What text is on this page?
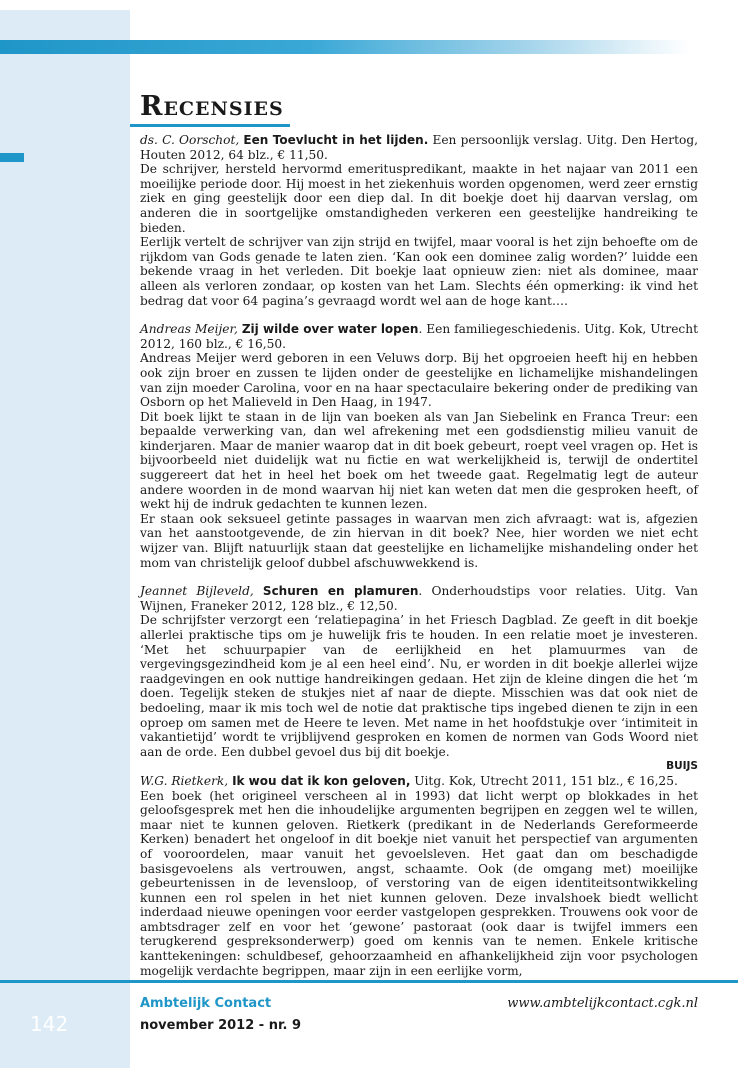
Recensies

ds. C. Oorschot, Een Toevlucht in het lijden. Een persoonlijk verslag. Uitg. Den Hertog, Houten 2012, 64 blz., € 11,50.

De schrijver, hersteld hervormd emerituspredikant, maakte in het najaar van 2011 een moeilijke periode door. Hij moest in het ziekenhuis worden opgenomen, werd zeer ernstig ziek en ging geestelijk door een diep dal. In dit boekje doet hij daarvan verslag, om anderen die in soortgelijke omstandigheden verkeren een geestelijke handreiking te bieden.

Eerlijk vertelt de schrijver van zijn strijd en twijfel, maar vooral is het zijn behoefte om de rijkdom van Gods genade te laten zien. ‘Kan ook een dominee zalig worden?’ luidde een bekende vraag in het verleden. Dit boekje laat opnieuw zien: niet als dominee, maar alleen als verloren zondaar, op kosten van het Lam. Slechts één opmerking: ik vind het bedrag dat voor 64 pagina’s gevraagd wordt wel aan de hoge kant….

Andreas Meijer, Zij wilde over water lopen. Een familiegeschiedenis. Uitg. Kok, Utrecht 2012, 160 blz., € 16,50.

Andreas Meijer werd geboren in een Veluws dorp. Bij het opgroeien heeft hij en hebben ook zijn broer en zussen te lijden onder de geestelijke en lichamelijke mishandelingen van zijn moeder Carolina, voor en na haar spectaculaire bekering onder de prediking van Osborn op het Malieveld in Den Haag, in 1947.

Dit boek lijkt te staan in de lijn van boeken als van Jan Siebelink en Franca Treur: een bepaalde verwerking van, dan wel afrekening met een godsdienstig milieu vanuit de kinderjaren. Maar de manier waarop dat in dit boek gebeurt, roept veel vragen op. Het is bijvoorbeeld niet duidelijk wat nu fictie en wat werkelijkheid is, terwijl de ondertitel suggereert dat het in heel het boek om het tweede gaat. Regelmatig legt de auteur andere woorden in de mond waarvan hij niet kan weten dat men die gesproken heeft, of wekt hij de indruk gedachten te kunnen lezen.

Er staan ook seksueel getinte passages in waarvan men zich afvraagt: wat is, afgezien van het aanstootgevende, de zin hiervan in dit boek? Nee, hier worden we niet echt wijzer van. Blijft natuurlijk staan dat geestelijke en lichamelijke mishandeling onder het mom van christelijk geloof dubbel afschuwwekkend is.

Jeannet Bijleveld, Schuren en plamuren. Onderhoudstips voor relaties. Uitg. Van Wijnen, Franeker 2012, 128 blz., € 12,50.

De schrijfster verzorgt een ‘relatiepagina’ in het Friesch Dagblad. Ze geeft in dit boekje allerlei praktische tips om je huwelijk fris te houden. In een relatie moet je investeren. ‘Met het schuurpapier van de eerlijkheid en het plamuurmes van de vergevingsgezindheid kom je al een heel eind’. Nu, er worden in dit boekje allerlei wijze raadgevingen en ook nuttige handreikingen gedaan. Het zijn de kleine dingen die het ‘m doen. Tegelijk steken de stukjes niet af naar de diepte. Misschien was dat ook niet de bedoeling, maar ik mis toch wel de notie dat praktische tips ingebed dienen te zijn in een oproep om samen met de Heere te leven. Met name in het hoofdstukje over ‘intimiteit in vakantietijd’ wordt te vrijblijvend gesproken en komen de normen van Gods Woord niet aan de orde. Een dubbel gevoel dus bij dit boekje.

BUIJS

W.G. Rietkerk, Ik wou dat ik kon geloven, Uitg. Kok, Utrecht 2011, 151 blz., € 16,25.

Een boek (het origineel verscheen al in 1993) dat licht werpt op blokkades in het geloofsgesprek met hen die inhoudelijke argumenten begrijpen en zeggen wel te willen, maar niet te kunnen geloven. Rietkerk (predikant in de Nederlands Gereformeerde Kerken) benadert het ongeloof in dit boekje niet vanuit het perspectief van argumenten of vooroordelen, maar vanuit het gevoelsleven. Het gaat dan om beschadigde basisgevoelens als vertrouwen, angst, schaamte. Ook (de omgang met) moeilijke gebeurtenissen in de levensloop, of verstoring van de eigen identiteitsontwikkeling kunnen een rol spelen in het niet kunnen geloven. Deze invalshoek biedt wellicht inderdaad nieuwe openingen voor eerder vastgelopen gesprekken. Trouwens ook voor de ambtsdrager zelf en voor het ‘gewone’ pastoraat (ook daar is twijfel immers een terugkerend gespreksonderwerp) goed om kennis van te nemen. Enkele kritische kanttekeningen: schuldbesef, gehoorzaamheid en afhankelijkheid zijn voor psychologen mogelijk verdachte begrippen, maar zijn in een eerlijke vorm,

142
Ambtelijk Contact
november 2012 - nr. 9
www.ambtelijkcontact.cgk.nl
